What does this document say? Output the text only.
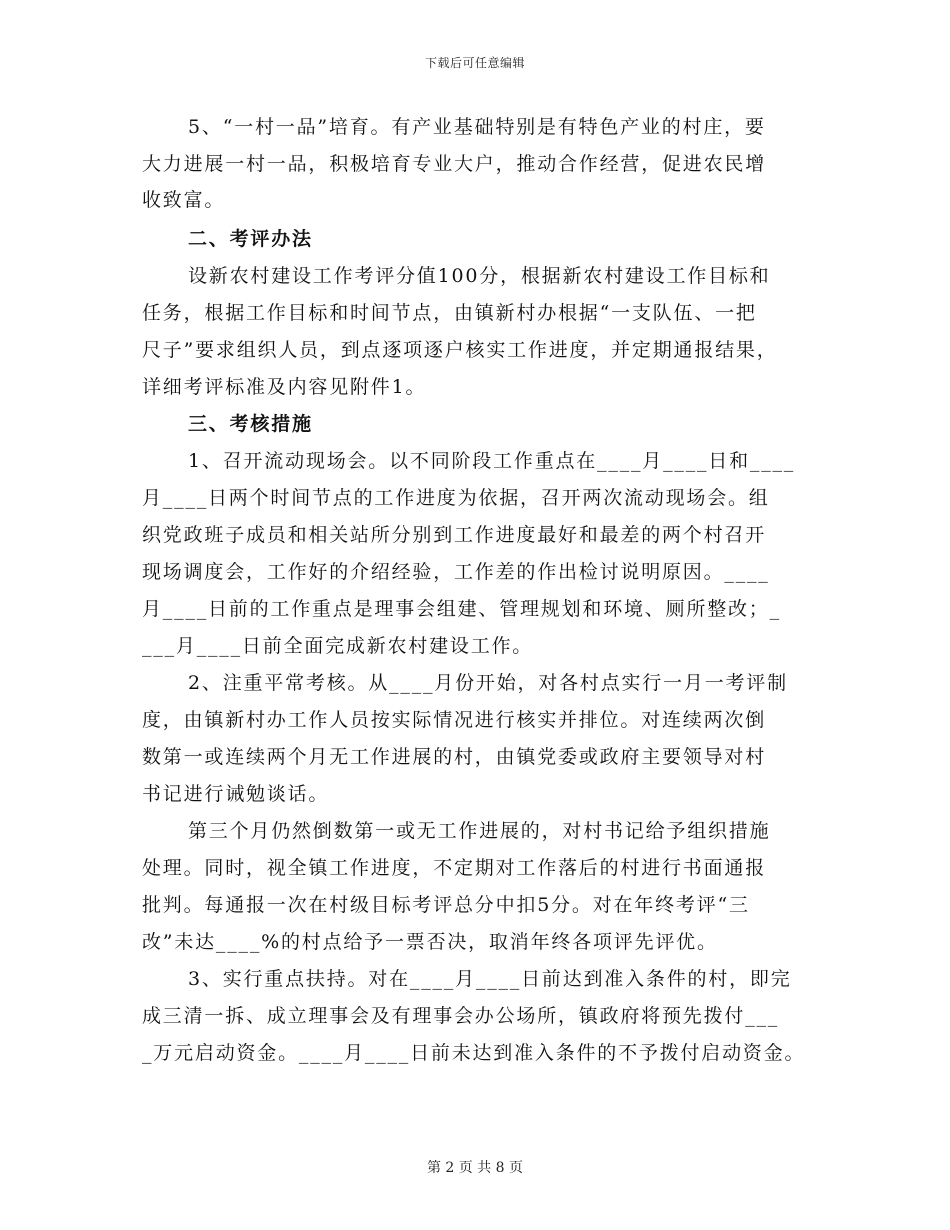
下载后可任意编辑
5、“一村一品”培育。有产业基础特别是有特色产业的村庄，要
大力进展一村一品，积极培育专业大户，推动合作经营，促进农民增
收致富。
二、考评办法
设新农村建设工作考评分值100分，根据新农村建设工作目标和
任务，根据工作目标和时间节点，由镇新村办根据“一支队伍、一把
尺子”要求组织人员，到点逐项逐户核实工作进度，并定期通报结果，
详细考评标准及内容见附件1。
三、考核措施
1、召开流动现场会。以不同阶段工作重点在____月____日和____
月____日两个时间节点的工作进度为依据，召开两次流动现场会。组
织党政班子成员和相关站所分别到工作进度最好和最差的两个村召开
现场调度会，工作好的介绍经验，工作差的作出检讨说明原因。____
月____日前的工作重点是理事会组建、管理规划和环境、厕所整改；_
___月____日前全面完成新农村建设工作。
2、注重平常考核。从____月份开始，对各村点实行一月一考评制
度，由镇新村办工作人员按实际情况进行核实并排位。对连续两次倒
数第一或连续两个月无工作进展的村，由镇党委或政府主要领导对村
书记进行诫勉谈话。
第三个月仍然倒数第一或无工作进展的，对村书记给予组织措施
处理。同时，视全镇工作进度，不定期对工作落后的村进行书面通报
批判。每通报一次在村级目标考评总分中扣5分。对在年终考评“三
改”未达____%的村点给予一票否决，取消年终各项评先评优。
3、实行重点扶持。对在____月____日前达到准入条件的村，即完
成三清一拆、成立理事会及有理事会办公场所，镇政府将预先拨付___
_万元启动资金。____月____日前未达到准入条件的不予拨付启动资金。
第 2 页 共 8 页
